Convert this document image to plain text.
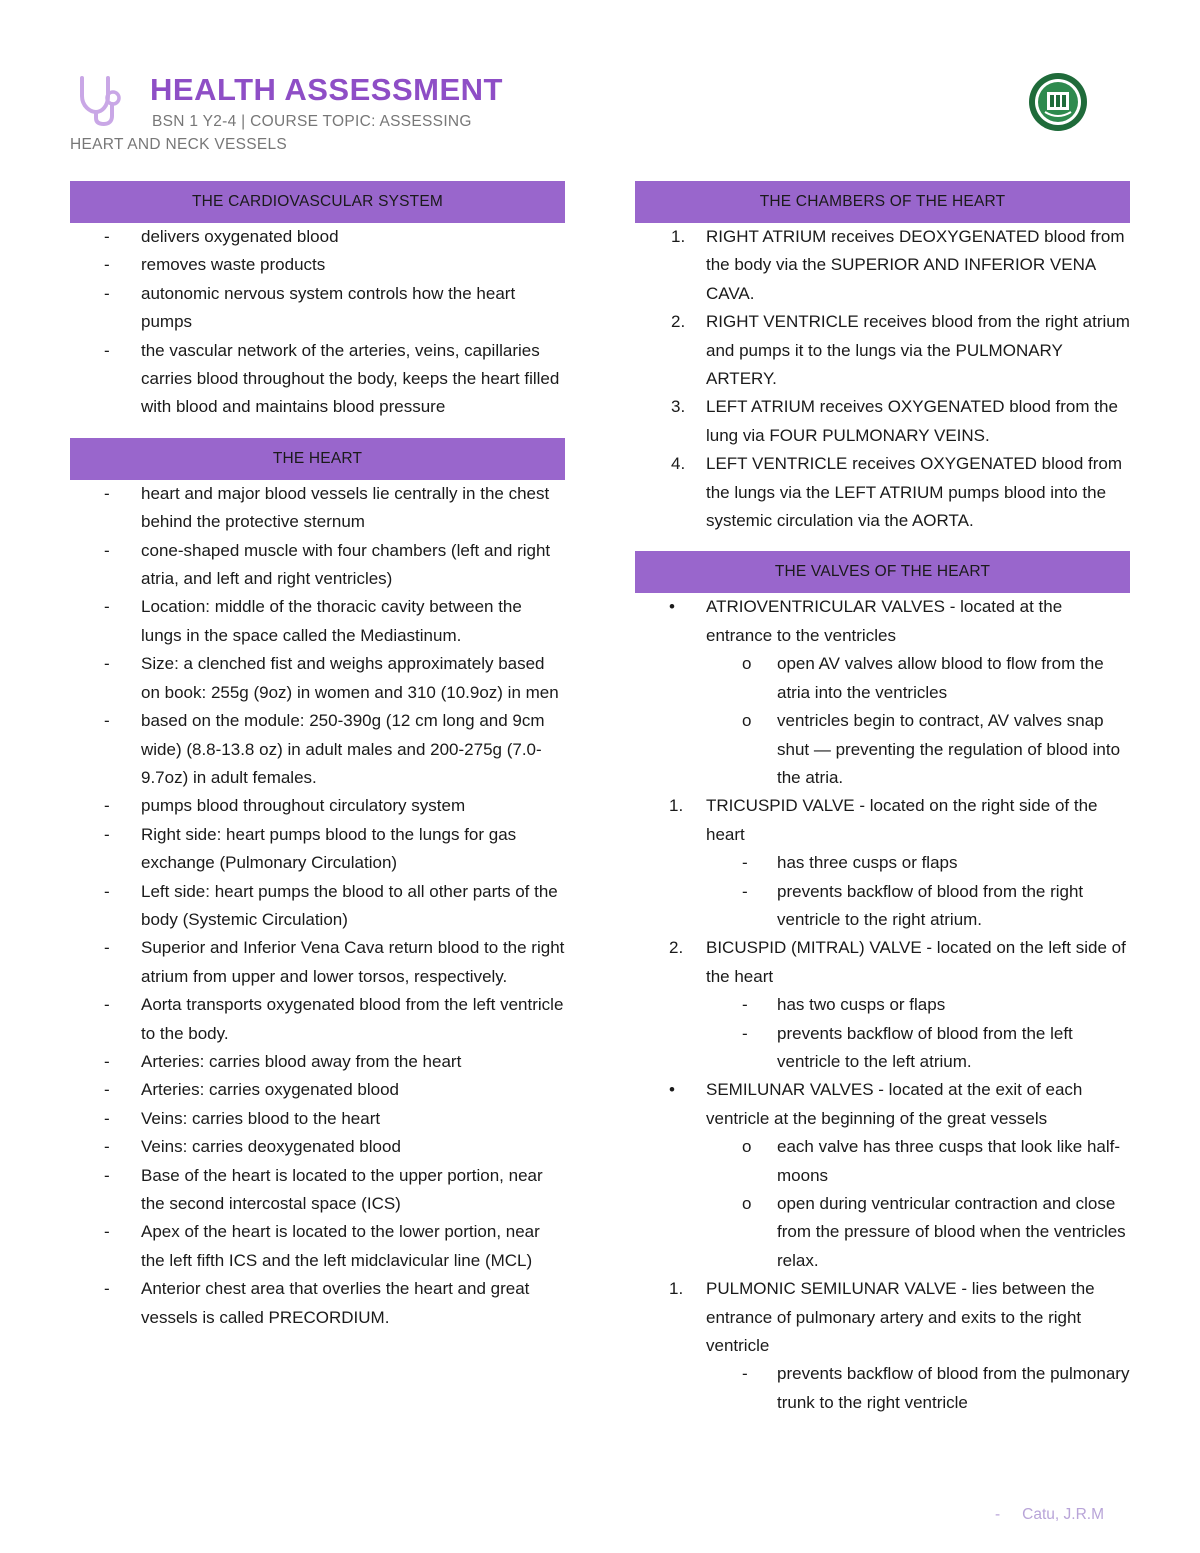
HEALTH ASSESSMENT
BSN 1 Y2-4 | COURSE TOPIC: ASSESSING
HEART AND NECK VESSELS
THE CARDIOVASCULAR SYSTEM
- delivers oxygenated blood
- removes waste products
- autonomic nervous system controls how the heart pumps
- the vascular network of the arteries, veins, capillaries carries blood throughout the body, keeps the heart filled with blood and maintains blood pressure
THE HEART
- heart and major blood vessels lie centrally in the chest behind the protective sternum
- cone-shaped muscle with four chambers (left and right atria, and left and right ventricles)
- Location: middle of the thoracic cavity between the lungs in the space called the Mediastinum.
- Size: a clenched fist and weighs approximately based on book: 255g (9oz) in women and 310 (10.9oz) in men
- based on the module: 250-390g (12 cm long and 9cm wide) (8.8-13.8 oz) in adult males and 200-275g (7.0-9.7oz) in adult females.
- pumps blood throughout circulatory system
- Right side: heart pumps blood to the lungs for gas exchange (Pulmonary Circulation)
- Left side: heart pumps the blood to all other parts of the body (Systemic Circulation)
- Superior and Inferior Vena Cava return blood to the right atrium from upper and lower torsos, respectively.
- Aorta transports oxygenated blood from the left ventricle to the body.
- Arteries: carries blood away from the heart
- Arteries: carries oxygenated blood
- Veins: carries blood to the heart
- Veins: carries deoxygenated blood
- Base of the heart is located to the upper portion, near the second intercostal space (ICS)
- Apex of the heart is located to the lower portion, near the left fifth ICS and the left midclavicular line (MCL)
- Anterior chest area that overlies the heart and great vessels is called PRECORDIUM.
THE CHAMBERS OF THE HEART
1. RIGHT ATRIUM receives DEOXYGENATED blood from the body via the SUPERIOR AND INFERIOR VENA CAVA.
2. RIGHT VENTRICLE receives blood from the right atrium and pumps it to the lungs via the PULMONARY ARTERY.
3. LEFT ATRIUM receives OXYGENATED blood from the lung via FOUR PULMONARY VEINS.
4. LEFT VENTRICLE receives OXYGENATED blood from the lungs via the LEFT ATRIUM pumps blood into the systemic circulation via the AORTA.
THE VALVES OF THE HEART
• ATRIOVENTRICULAR VALVES - located at the entrance to the ventricles
o open AV valves allow blood to flow from the atria into the ventricles
o ventricles begin to contract, AV valves snap shut — preventing the regulation of blood into the atria.
1. TRICUSPID VALVE - located on the right side of the heart
- has three cusps or flaps
- prevents backflow of blood from the right ventricle to the right atrium.
2. BICUSPID (MITRAL) VALVE - located on the left side of the heart
- has two cusps or flaps
- prevents backflow of blood from the left ventricle to the left atrium.
• SEMILUNAR VALVES - located at the exit of each ventricle at the beginning of the great vessels
o each valve has three cusps that look like half-moons
o open during ventricular contraction and close from the pressure of blood when the ventricles relax.
1. PULMONIC SEMILUNAR VALVE - lies between the entrance of pulmonary artery and exits to the right ventricle
- prevents backflow of blood from the pulmonary trunk to the right ventricle
- Catu, J.R.M
